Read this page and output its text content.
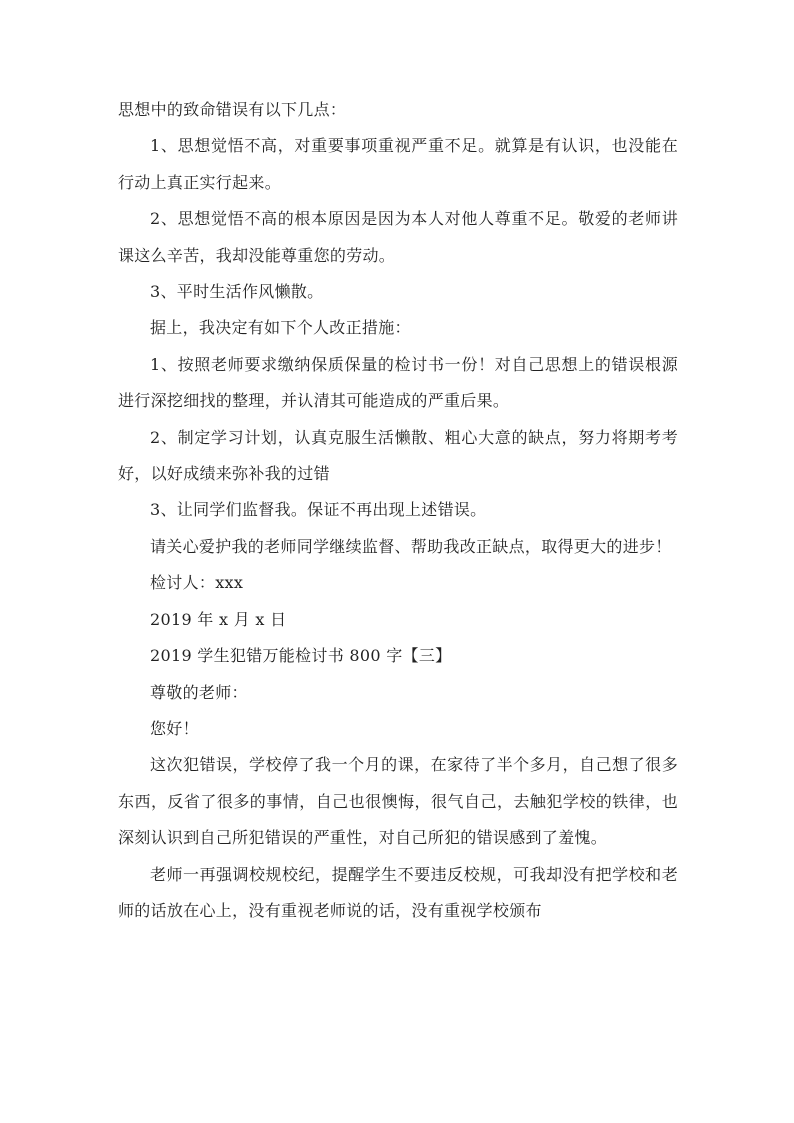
思想中的致命错误有以下几点：

1、思想觉悟不高，对重要事项重视严重不足。就算是有认识，也没能在行动上真正实行起来。

2、思想觉悟不高的根本原因是因为本人对他人尊重不足。敬爱的老师讲课这么辛苦，我却没能尊重您的劳动。

3、平时生活作风懒散。

据上，我决定有如下个人改正措施：

1、按照老师要求缴纳保质保量的检讨书一份！对自己思想上的错误根源进行深挖细找的整理，并认清其可能造成的严重后果。

2、制定学习计划，认真克服生活懒散、粗心大意的缺点，努力将期考考好，以好成绩来弥补我的过错

3、让同学们监督我。保证不再出现上述错误。

请关心爱护我的老师同学继续监督、帮助我改正缺点，取得更大的进步！

检讨人：xxx

2019 年 x 月 x 日

2019 学生犯错万能检讨书 800 字【三】

尊敬的老师：

您好！

这次犯错误，学校停了我一个月的课，在家待了半个多月，自己想了很多东西，反省了很多的事情，自己也很懊悔，很气自己，去触犯学校的铁律，也深刻认识到自己所犯错误的严重性，对自己所犯的错误感到了羞愧。

老师一再强调校规校纪，提醒学生不要违反校规，可我却没有把学校和老师的话放在心上，没有重视老师说的话，没有重视学校颁布
